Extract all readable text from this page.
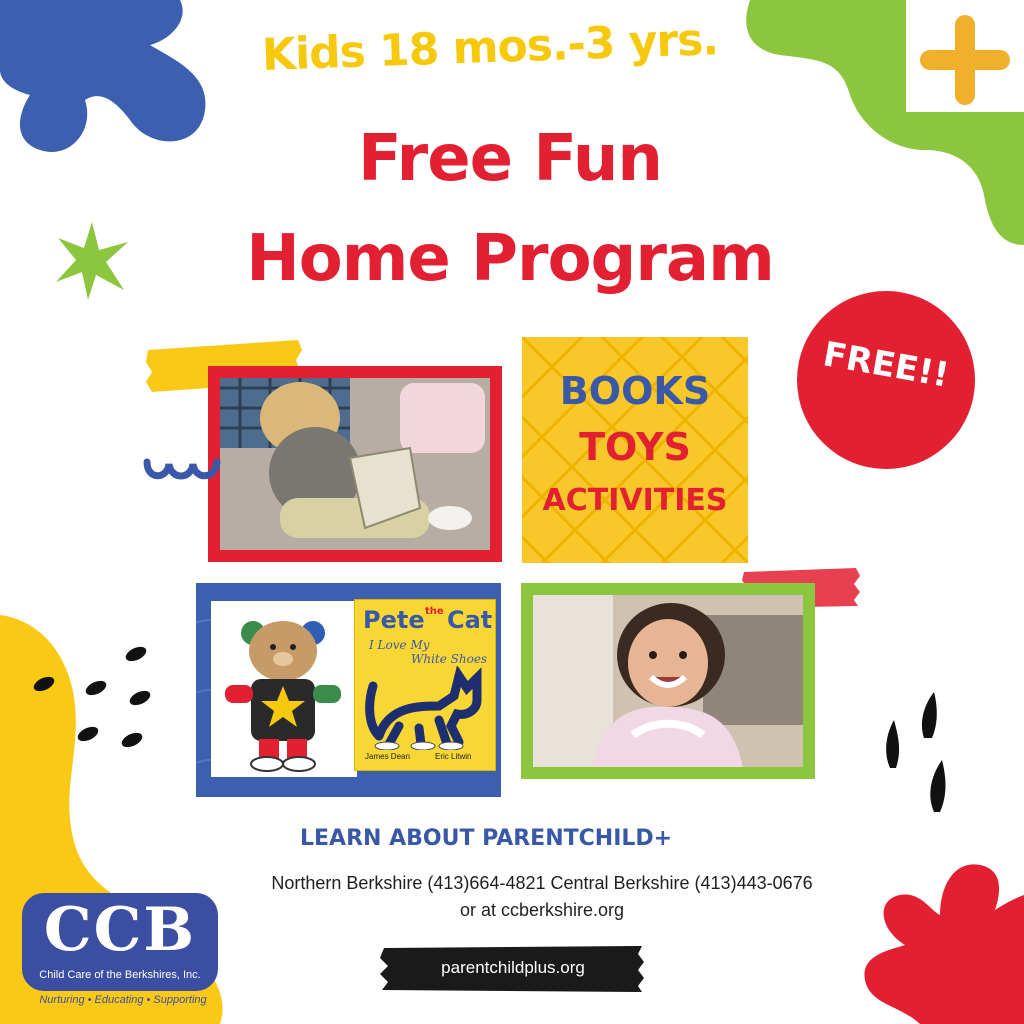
Kids 18 mos.-3 yrs.
Free Fun
Home Program
BOOKS
TOYS
ACTIVITIES
FREE!!
Pete the Cat
I Love My
White Shoes
James Dean	Eric Litwin
LEARN ABOUT PARENTCHILD+
Northern Berkshire (413)664-4821 Central Berkshire (413)443-0676
or at ccberkshire.org
parentchildplus.org
CCB
Child Care of the Berkshires, Inc.
Nurturing • Educating • Supporting
